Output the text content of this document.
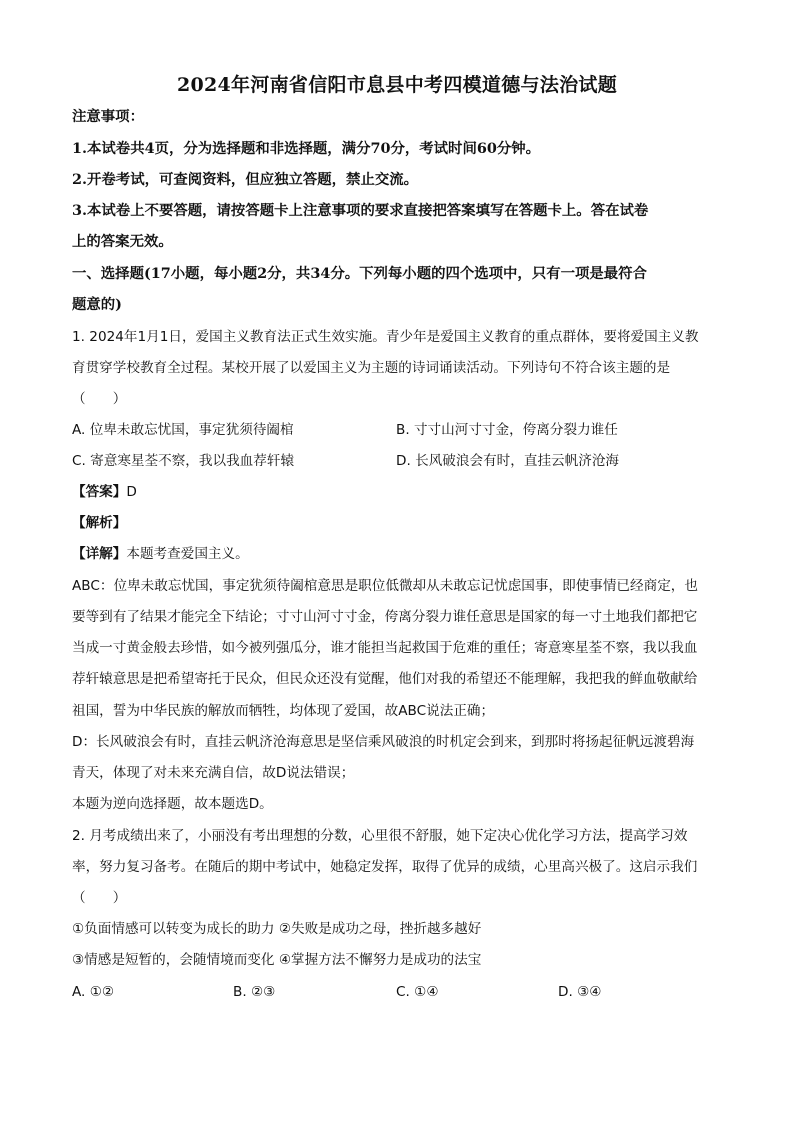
2024年河南省信阳市息县中考四模道德与法治试题
注意事项：
1.本试卷共4页，分为选择题和非选择题，满分70分，考试时间60分钟。
2.开卷考试，可查阅资料，但应独立答题，禁止交流。
3.本试卷上不要答题，请按答题卡上注意事项的要求直接把答案填写在答题卡上。答在试卷
上的答案无效。
一、选择题(17小题，每小题2分，共34分。下列每小题的四个选项中，只有一项是最符合
题意的)
1. 2024年1月1日，爱国主义教育法正式生效实施。青少年是爱国主义教育的重点群体，要将爱国主义教
育贯穿学校教育全过程。某校开展了以爱国主义为主题的诗词诵读活动。下列诗句不符合该主题的是
（　　）
A. 位卑未敢忘忧国，事定犹须待阖棺	B. 寸寸山河寸寸金，侉离分裂力谁任
C. 寄意寒星荃不察，我以我血荐轩辕	D. 长风破浪会有时，直挂云帆济沧海
【答案】D
【解析】
【详解】本题考查爱国主义。
ABC：位卑未敢忘忧国，事定犹须待阖棺意思是职位低微却从未敢忘记忧虑国事，即使事情已经商定，也
要等到有了结果才能完全下结论；寸寸山河寸寸金，侉离分裂力谁任意思是国家的每一寸土地我们都把它
当成一寸黄金般去珍惜，如今被列强瓜分，谁才能担当起救国于危难的重任；寄意寒星荃不察，我以我血
荐轩辕意思是把希望寄托于民众，但民众还没有觉醒，他们对我的希望还不能理解，我把我的鲜血敬献给
祖国，誓为中华民族的解放而牺牲，均体现了爱国，故ABC说法正确；
D：长风破浪会有时，直挂云帆济沧海意思是坚信乘风破浪的时机定会到来，到那时将扬起征帆远渡碧海
青天，体现了对未来充满自信，故D说法错误；
本题为逆向选择题，故本题选D。
2. 月考成绩出来了，小丽没有考出理想的分数，心里很不舒服，她下定决心优化学习方法，提高学习效
率，努力复习备考。在随后的期中考试中，她稳定发挥，取得了优异的成绩，心里高兴极了。这启示我们
（　　）
①负面情感可以转变为成长的助力 ②失败是成功之母，挫折越多越好
③情感是短暂的，会随情境而变化 ④掌握方法不懈努力是成功的法宝
A. ①②	B. ②③	C. ①④	D. ③④
